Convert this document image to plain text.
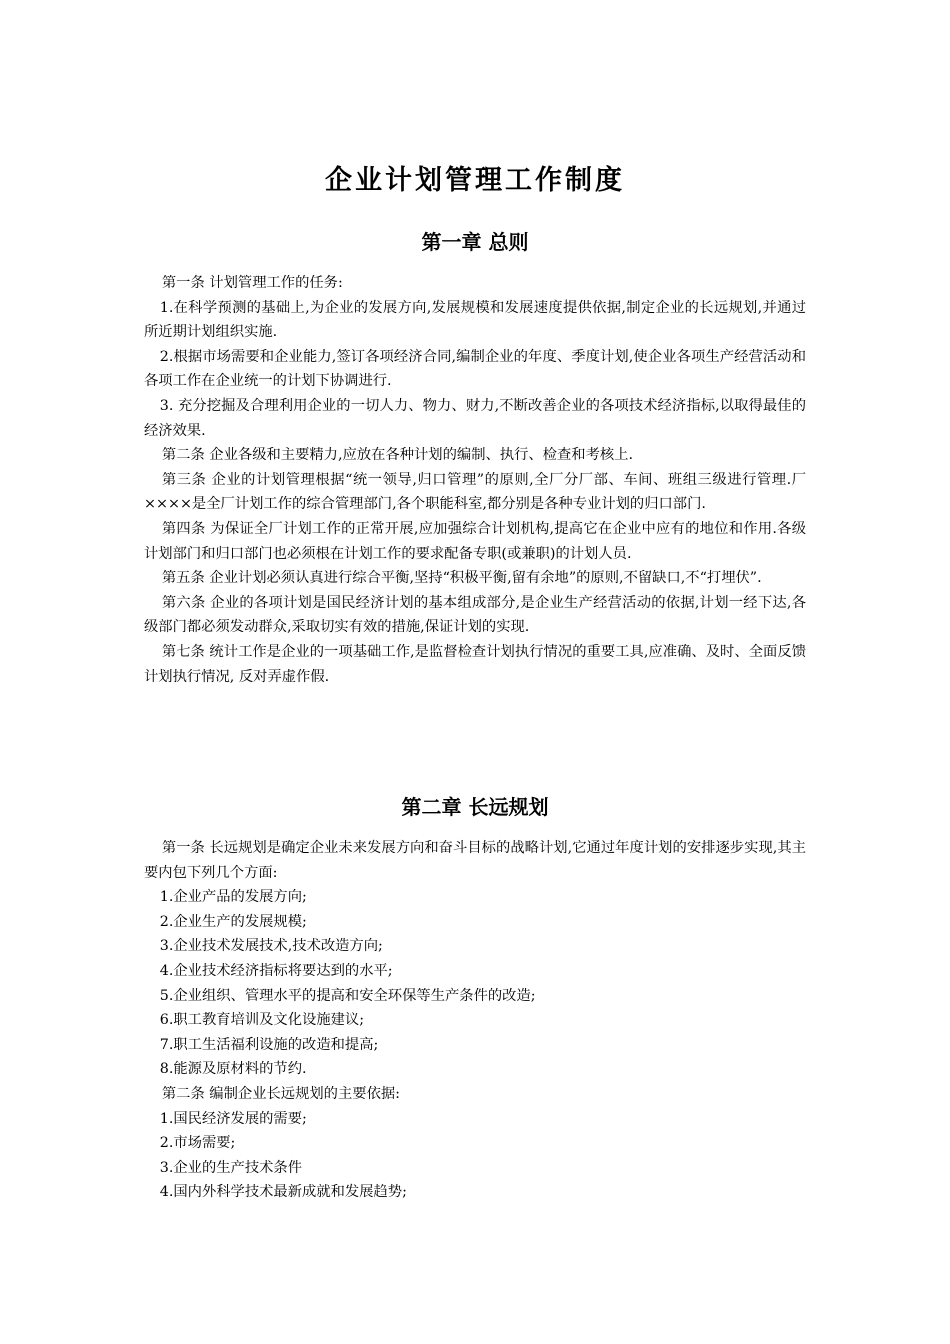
企业计划管理工作制度
第一章 总则

第一条 计划管理工作的任务:

1.在科学预测的基础上,为企业的发展方向,发展规模和发展速度提供依据,制定企业的长远规划,并通过所近期计划组织实施.

2.根据市场需要和企业能力,签订各项经济合同,编制企业的年度、季度计划,使企业各项生产经营活动和各项工作在企业统一的计划下协调进行.

3. 充分挖掘及合理利用企业的一切人力、物力、财力,不断改善企业的各项技术经济指标,以取得最佳的经济效果.

第二条 企业各级和主要精力,应放在各种计划的编制、执行、检查和考核上.

第三条 企业的计划管理根据“统一领导,归口管理”的原则,全厂分厂部、车间、班组三级进行管理.厂××××是全厂计划工作的综合管理部门,各个职能科室,都分别是各种专业计划的归口部门.

第四条 为保证全厂计划工作的正常开展,应加强综合计划机构,提高它在企业中应有的地位和作用.各级计划部门和归口部门也必须根在计划工作的要求配备专职(或兼职)的计划人员.

第五条 企业计划必须认真进行综合平衡,坚持“积极平衡,留有余地”的原则,不留缺口,不“打埋伏”.

第六条 企业的各项计划是国民经济计划的基本组成部分,是企业生产经营活动的依据,计划一经下达,各级部门都必须发动群众,采取切实有效的措施,保证计划的实现.

第七条 统计工作是企业的一项基础工作,是监督检查计划执行情况的重要工具,应准确、及时、全面反馈计划执行情况, 反对弄虚作假.

第二章 长远规划

第一条 长远规划是确定企业未来发展方向和奋斗目标的战略计划,它通过年度计划的安排逐步实现,其主要内包下列几个方面:

1.企业产品的发展方向;

2.企业生产的发展规模;

3.企业技术发展技术,技术改造方向;

4.企业技术经济指标将要达到的水平;

5.企业组织、管理水平的提高和安全环保等生产条件的改造;

6.职工教育培训及文化设施建议;

7.职工生活福利设施的改造和提高;

8.能源及原材料的节约.

第二条 编制企业长远规划的主要依据:

1.国民经济发展的需要;

2.市场需要;

3.企业的生产技术条件

4.国内外科学技术最新成就和发展趋势;
